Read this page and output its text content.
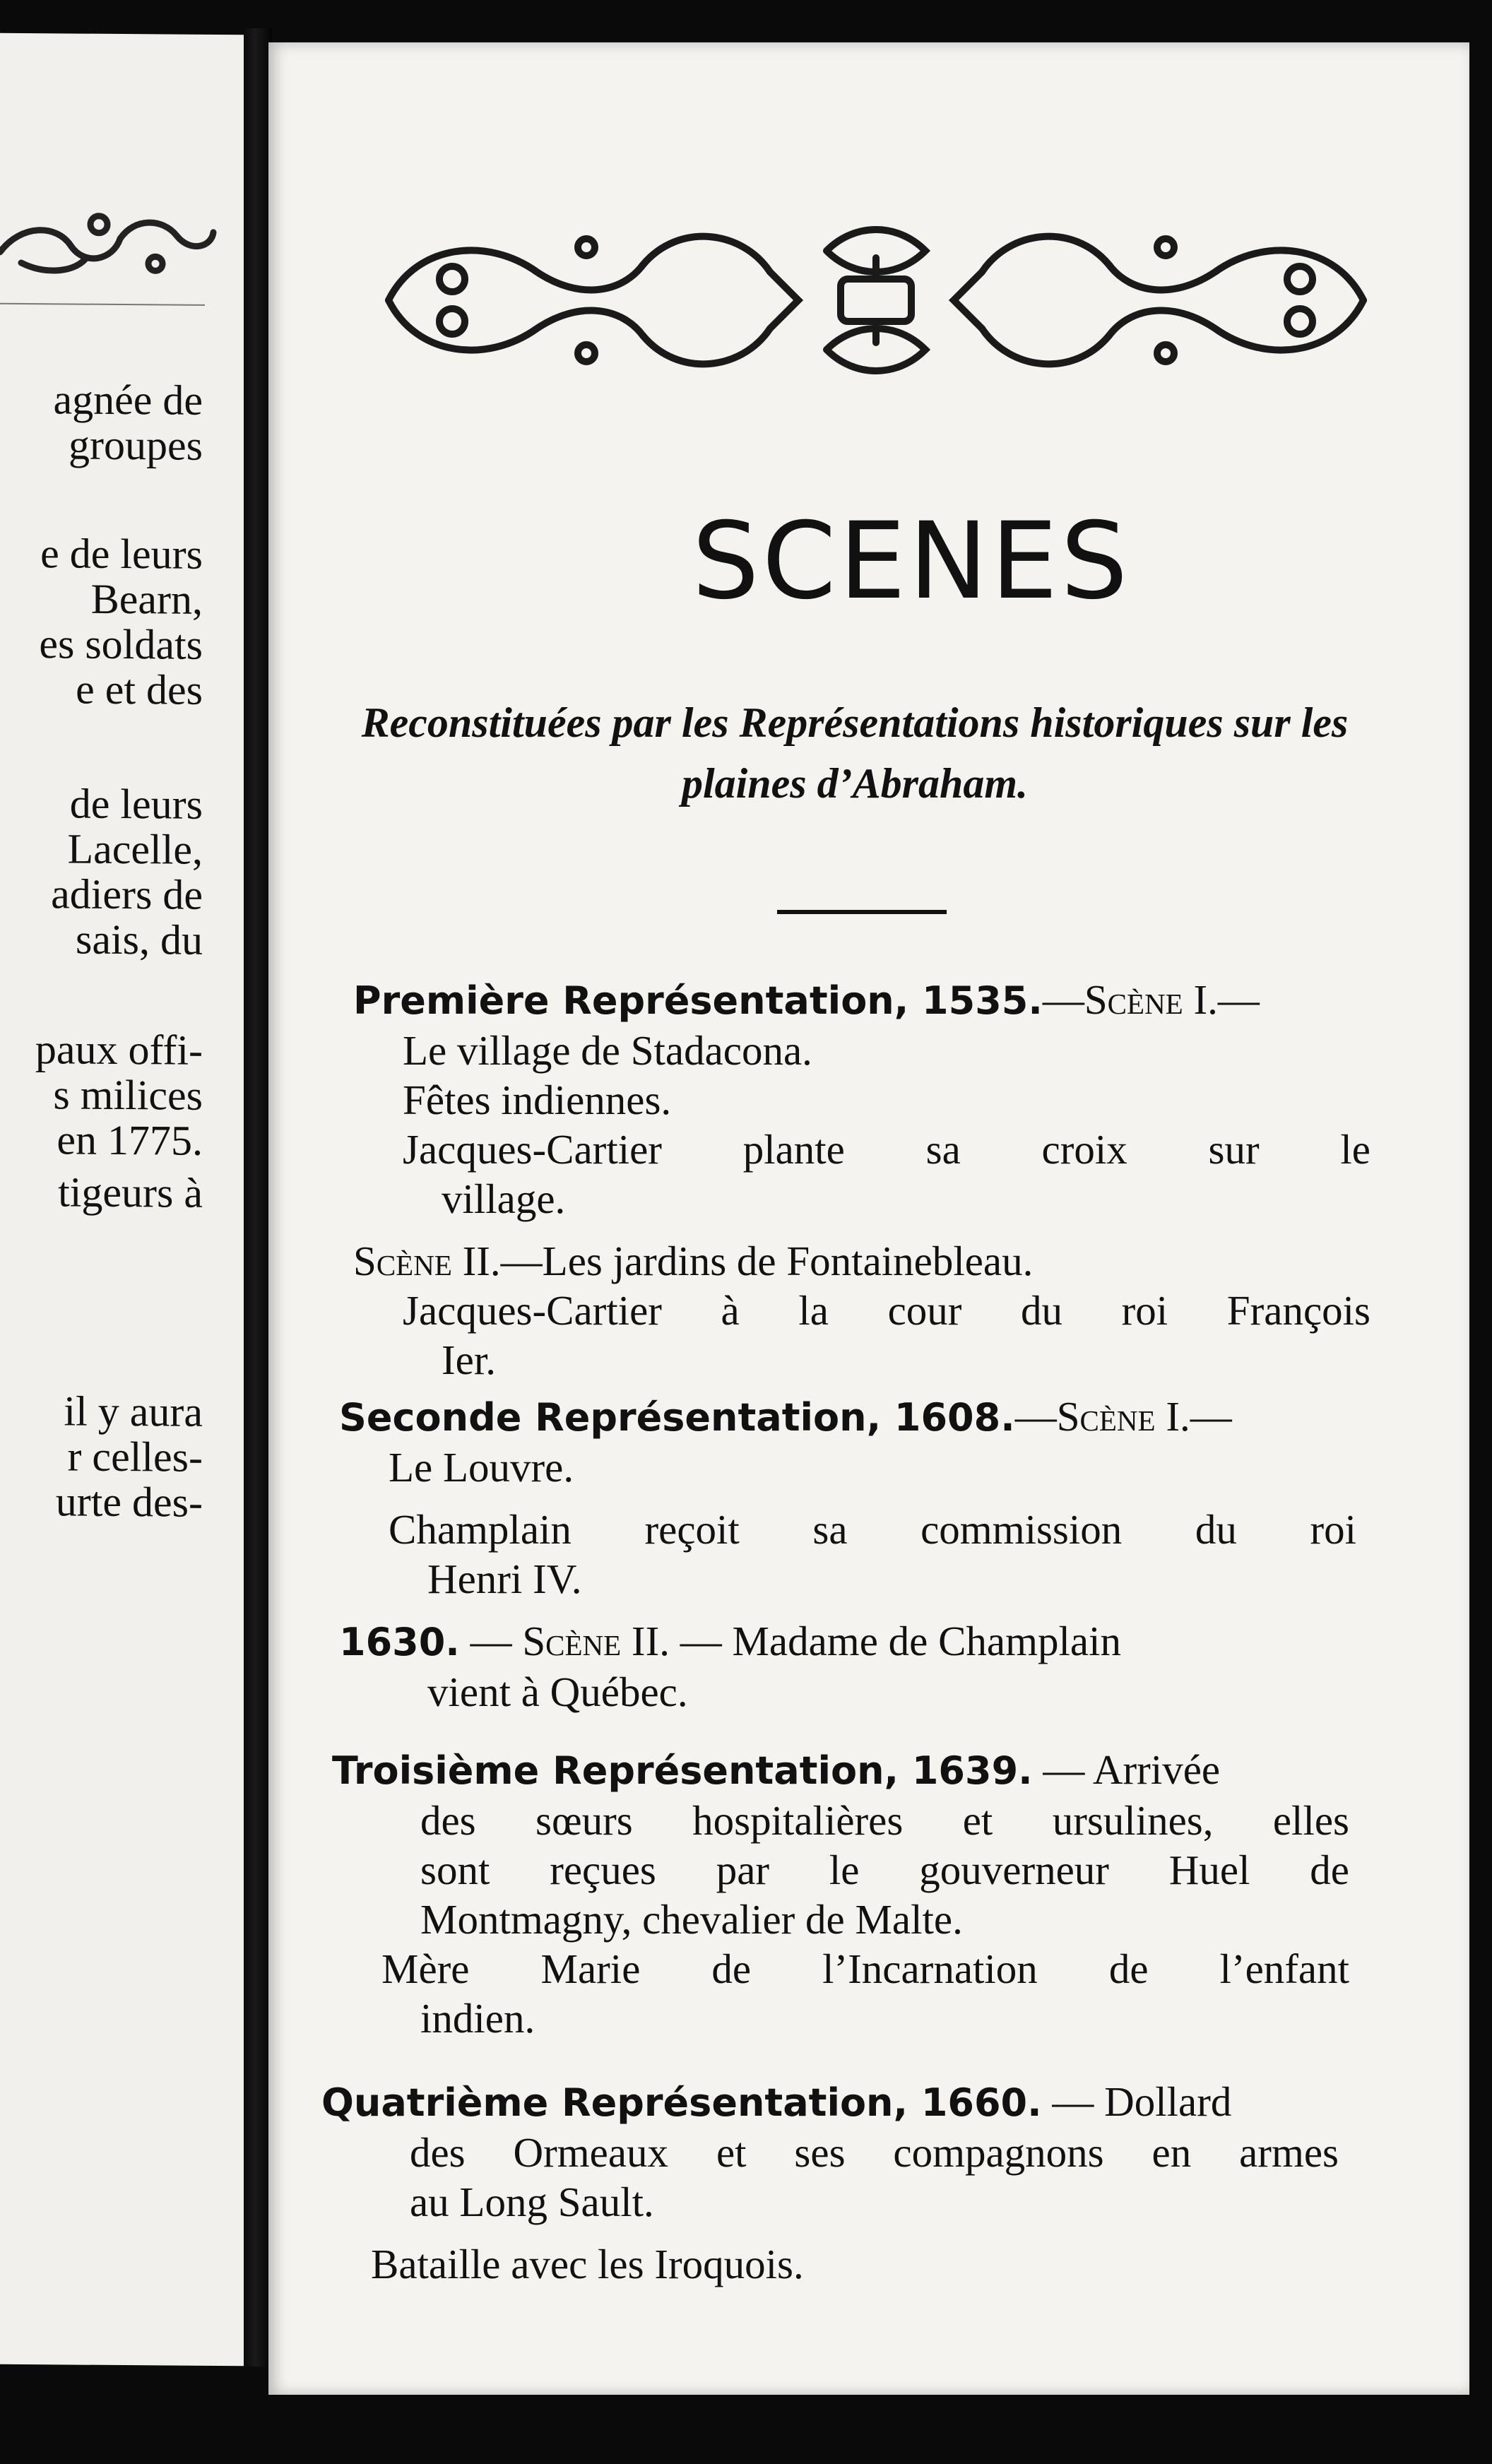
agnée de
groupes
e de leurs
Bearn,
es soldats
e et des
de leurs
Lacelle,
adiers de
sais, du
paux offi-
s milices
en 1775.
tigeurs à
il y aura
r celles-
urte des-
SCENES
Reconstituées par les Représentations historiques sur les plaines d’Abraham.

Première Représentation, 1535.—Scène I.—

Le village de Stadacona.

Fêtes indiennes.

Jacques-Cartier plante sa croix sur le

village.

Scène II.—Les jardins de Fontainebleau.

Jacques-Cartier à la cour du roi François

Ier.

Seconde Représentation, 1608.—Scène I.—

Le Louvre.

Champlain reçoit sa commission du roi

Henri IV.

1630. — Scène II. — Madame de Champlain

vient à Québec.

Troisième Représentation, 1639. — Arrivée

des sœurs hospitalières et ursulines, elles

sont reçues par le gouverneur Huel de

Montmagny, chevalier de Malte.

Mère Marie de l’Incarnation de l’enfant

indien.

Quatrième Représentation, 1660. — Dollard

des Ormeaux et ses compagnons en armes

au Long Sault.

Bataille avec les Iroquois.
